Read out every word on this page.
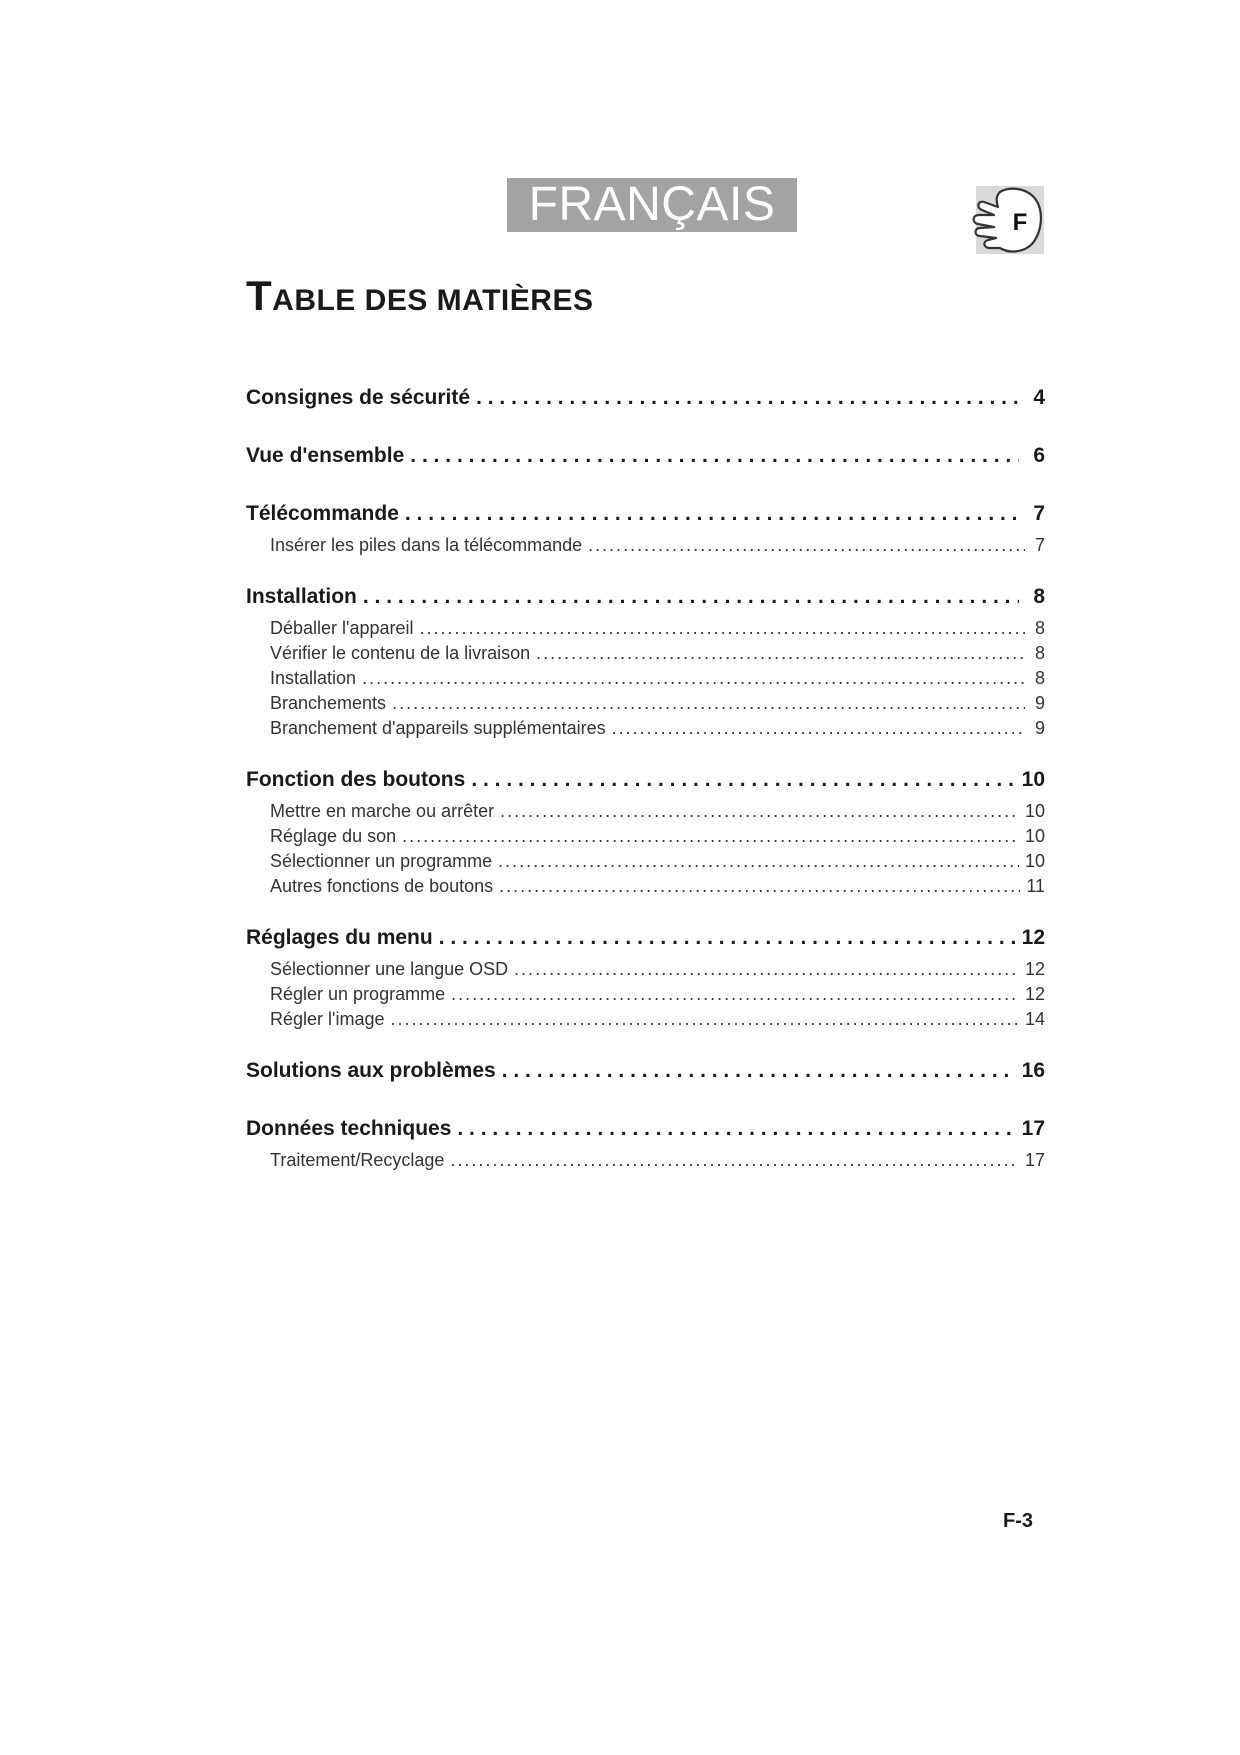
FRANÇAIS	F
TABLE DES MATIÈRES
Consignes de sécurité . . .	4
Vue d'ensemble . . .	6
Télécommande . . .	7
Insérer les piles dans la télécommande .....	7
Installation . . .	8
Déballer l'appareil .....	8
Vérifier le contenu de la livraison .....	8
Installation .....	8
Branchements .....	9
Branchement d'appareils supplémentaires .....	9
Fonction des boutons . . .	10
Mettre en marche ou arrêter .....	10
Réglage du son .....	10
Sélectionner un programme .....	10
Autres fonctions de boutons .....	11
Réglages du menu . . .	12
Sélectionner une langue OSD .....	12
Régler un programme .....	12
Régler l'image .....	14
Solutions aux problèmes . . .	16
Données techniques . . .	17
Traitement/Recyclage .....	17
F-3
